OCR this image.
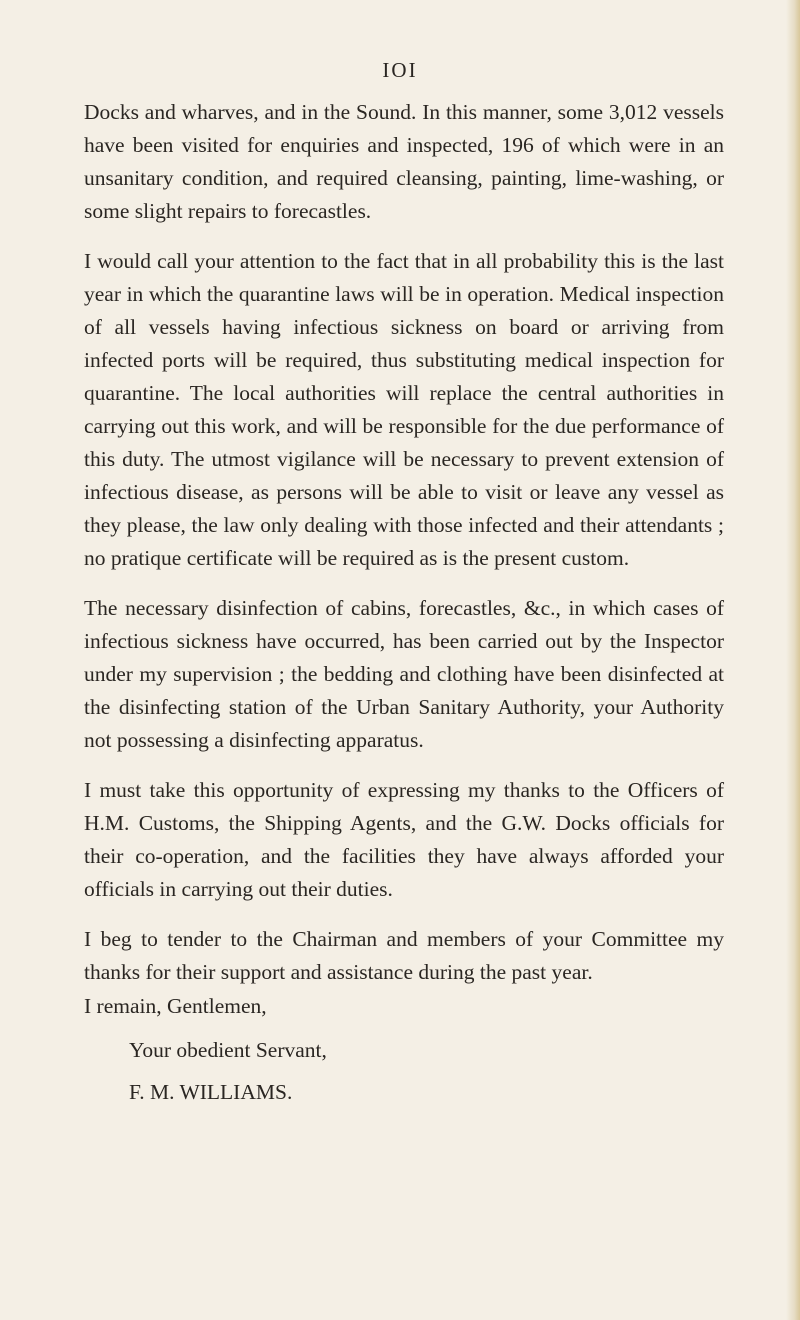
IOI

Docks and wharves, and in the Sound. In this manner, some 3,012 vessels have been visited for enquiries and inspected, 196 of which were in an unsanitary condition, and required cleansing, painting, lime-washing, or some slight repairs to forecastles.

I would call your attention to the fact that in all probability this is the last year in which the quarantine laws will be in operation. Medical inspection of all vessels having infectious sickness on board or arriving from infected ports will be required, thus substituting medical inspection for quarantine. The local authorities will replace the central authorities in carrying out this work, and will be responsible for the due performance of this duty. The utmost vigilance will be necessary to prevent extension of infectious disease, as persons will be able to visit or leave any vessel as they please, the law only dealing with those infected and their attendants ; no pratique certificate will be required as is the present custom.

The necessary disinfection of cabins, forecastles, &c., in which cases of infectious sickness have occurred, has been carried out by the Inspector under my supervision ; the bedding and clothing have been disinfected at the disinfecting station of the Urban Sanitary Authority, your Authority not possessing a disinfecting apparatus.

I must take this opportunity of expressing my thanks to the Officers of H.M. Customs, the Shipping Agents, and the G.W. Docks officials for their co-operation, and the facilities they have always afforded your officials in carrying out their duties.

I beg to tender to the Chairman and members of your Committee my thanks for their support and assistance during the past year.

I remain, Gentlemen,
Your obedient Servant,
F. M. WILLIAMS.
